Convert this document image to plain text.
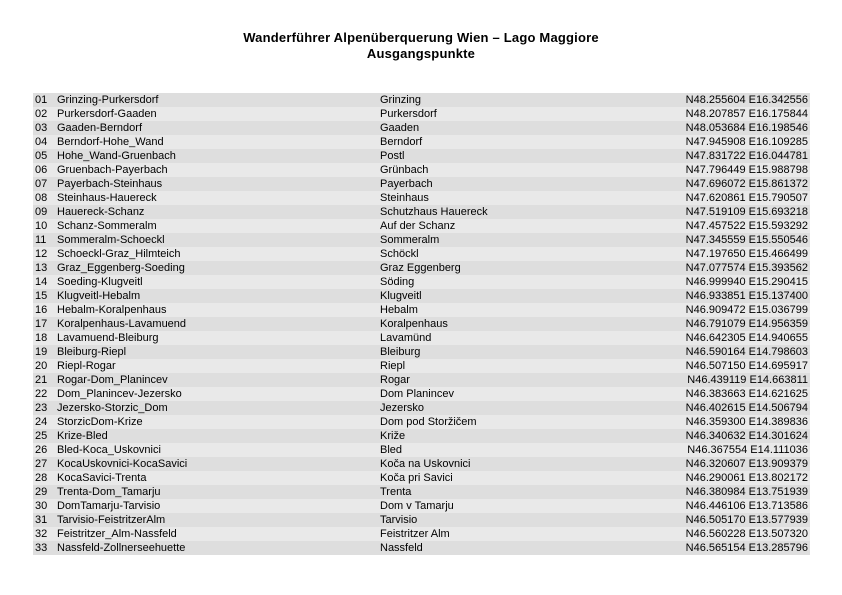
Wanderführer Alpenüberquerung Wien – Lago Maggiore
Ausgangspunkte
01 Grinzing-Purkersdorf	Grinzing	N48.255604 E16.342556
02 Purkersdorf-Gaaden	Purkersdorf	N48.207857 E16.175844
03 Gaaden-Berndorf	Gaaden	N48.053684 E16.198546
04 Berndorf-Hohe_Wand	Berndorf	N47.945908 E16.109285
05 Hohe_Wand-Gruenbach	Postl	N47.831722 E16.044781
06 Gruenbach-Payerbach	Grünbach	N47.796449 E15.988798
07 Payerbach-Steinhaus	Payerbach	N47.696072 E15.861372
08 Steinhaus-Hauereck	Steinhaus	N47.620861 E15.790507
09 Hauereck-Schanz	Schutzhaus Hauereck	N47.519109 E15.693218
10 Schanz-Sommeralm	Auf der Schanz	N47.457522 E15.593292
11 Sommeralm-Schoeckl	Sommeralm	N47.345559 E15.550546
12 Schoeckl-Graz_Hilmteich	Schöckl	N47.197650 E15.466499
13 Graz_Eggenberg-Soeding	Graz Eggenberg	N47.077574 E15.393562
14 Soeding-Klugveitl	Söding	N46.999940 E15.290415
15 Klugveitl-Hebalm	Klugveitl	N46.933851 E15.137400
16 Hebalm-Koralpenhaus	Hebalm	N46.909472 E15.036799
17 Koralpenhaus-Lavamuend	Koralpenhaus	N46.791079 E14.956359
18 Lavamuend-Bleiburg	Lavamünd	N46.642305 E14.940655
19 Bleiburg-Riepl	Bleiburg	N46.590164 E14.798603
20 Riepl-Rogar	Riepl	N46.507150 E14.695917
21 Rogar-Dom_Planincev	Rogar	N46.439119 E14.663811
22 Dom_Planincev-Jezersko	Dom Planincev	N46.383663 E14.621625
23 Jezersko-Storzic_Dom	Jezersko	N46.402615 E14.506794
24 StorzicDom-Krize	Dom pod Storžičem	N46.359300 E14.389836
25 Krize-Bled	Križe	N46.340632 E14.301624
26 Bled-Koca_Uskovnici	Bled	N46.367554 E14.111036
27 KocaUskovnici-KocaSavici	Koča na Uskovnici	N46.320607 E13.909379
28 KocaSavici-Trenta	Koča pri Savici	N46.290061 E13.802172
29 Trenta-Dom_Tamarju	Trenta	N46.380984 E13.751939
30 DomTamarju-Tarvisio	Dom v Tamarju	N46.446106 E13.713586
31 Tarvisio-FeistritzerAlm	Tarvisio	N46.505170 E13.577939
32 Feistritzer_Alm-Nassfeld	Feistritzer Alm	N46.560228 E13.507320
33 Nassfeld-Zollnerseehuette	Nassfeld	N46.565154 E13.285796
